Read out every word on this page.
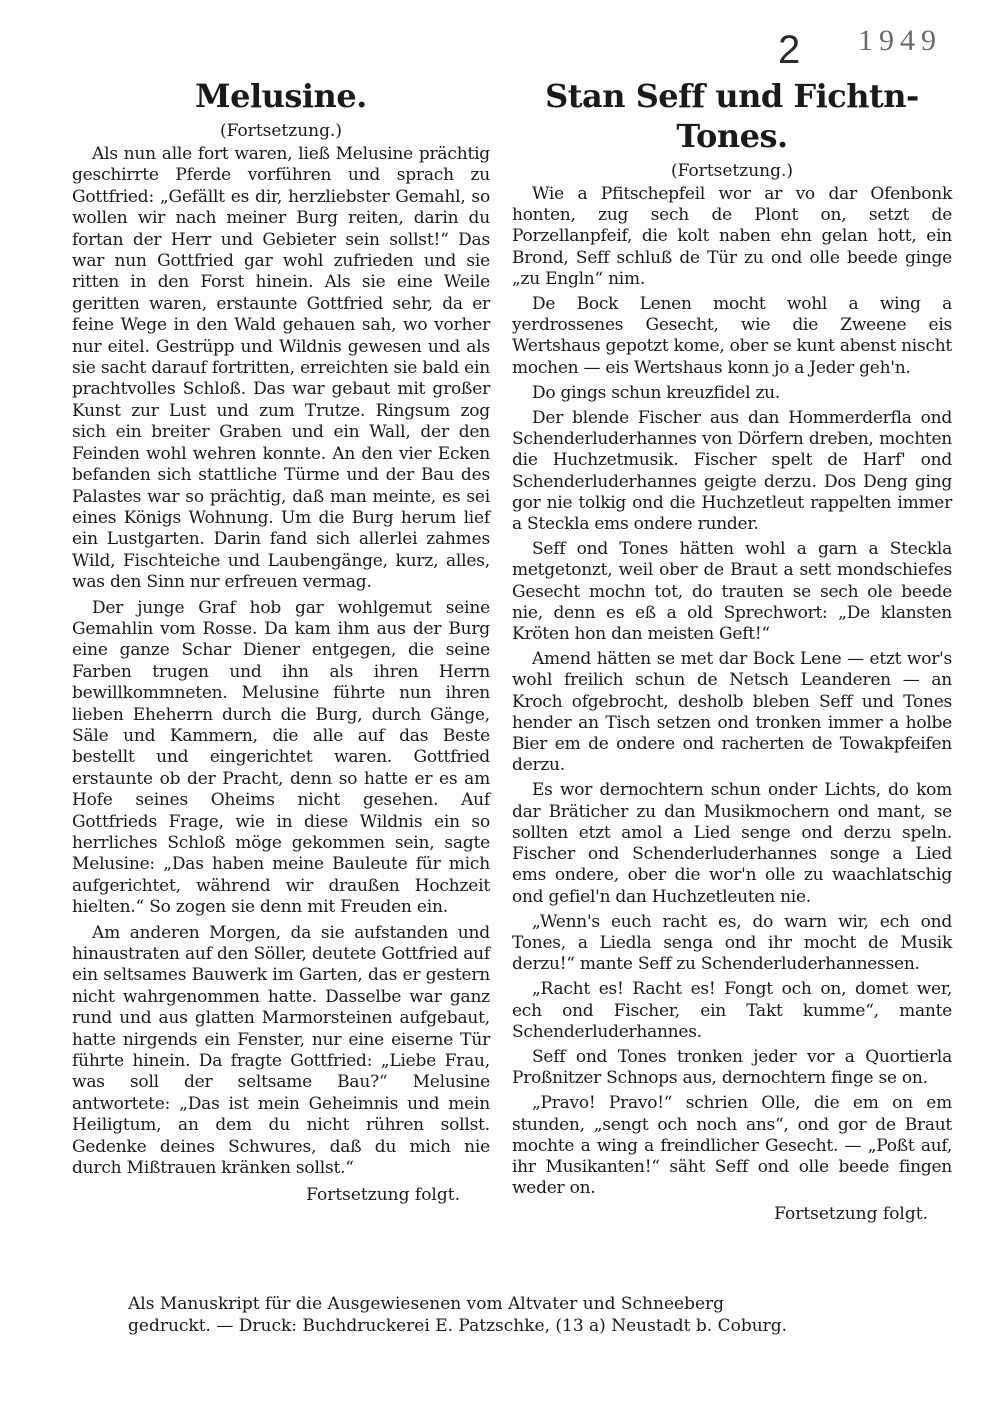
2 1949
Melusine.
(Fortsetzung.)

Als nun alle fort waren, ließ Melusine prächtig geschirrte Pferde vorführen und sprach zu Gottfried: „Gefällt es dir, herzliebster Gemahl, so wollen wir nach meiner Burg reiten, darin du fortan der Herr und Gebieter sein sollst!“ Das war nun Gottfried gar wohl zufrieden und sie ritten in den Forst hinein. Als sie eine Weile geritten waren, erstaunte Gottfried sehr, da er feine Wege in den Wald gehauen sah, wo vorher nur eitel. Gestrüpp und Wildnis gewesen und als sie sacht darauf fortritten, erreichten sie bald ein prachtvolles Schloß. Das war gebaut mit großer Kunst zur Lust und zum Trutze. Ringsum zog sich ein breiter Graben und ein Wall, der den Feinden wohl wehren konnte. An den vier Ecken befanden sich stattliche Türme und der Bau des Palastes war so prächtig, daß man meinte, es sei eines Königs Wohnung. Um die Burg herum lief ein Lustgarten. Darin fand sich allerlei zahmes Wild, Fischteiche und Laubengänge, kurz, alles, was den Sinn nur erfreuen vermag.

Der junge Graf hob gar wohlgemut seine Gemahlin vom Rosse. Da kam ihm aus der Burg eine ganze Schar Diener entgegen, die seine Farben trugen und ihn als ihren Herrn bewillkommneten. Melusine führte nun ihren lieben Eheherrn durch die Burg, durch Gänge, Säle und Kammern, die alle auf das Beste bestellt und eingerichtet waren. Gottfried erstaunte ob der Pracht, denn so hatte er es am Hofe seines Oheims nicht gesehen. Auf Gottfrieds Frage, wie in diese Wildnis ein so herrliches Schloß möge gekommen sein, sagte Melusine: „Das haben meine Bauleute für mich aufgerichtet, während wir draußen Hochzeit hielten.“ So zogen sie denn mit Freuden ein.

Am anderen Morgen, da sie aufstanden und hinaustraten auf den Söller, deutete Gottfried auf ein seltsames Bauwerk im Garten, das er gestern nicht wahrgenommen hatte. Dasselbe war ganz rund und aus glatten Marmorsteinen aufgebaut, hatte nirgends ein Fenster, nur eine eiserne Tür führte hinein. Da fragte Gottfried: „Liebe Frau, was soll der seltsame Bau?“ Melusine antwortete: „Das ist mein Geheimnis und mein Heiligtum, an dem du nicht rühren sollst. Gedenke deines Schwures, daß du mich nie durch Mißtrauen kränken sollst.“

Fortsetzung folgt.
Stan Seff und Fichtn-Tones.
(Fortsetzung.)

Wie a Pfitschepfeil wor ar vo dar Ofenbonk honten, zug sech de Plont on, setzt de Porzellanpfeif, die kolt naben ehn gelan hott, ein Brond, Seff schluß de Tür zu ond olle beede ginge „zu Engln“ nim.

De Bock Lenen mocht wohl a wing a yerdrossenes Gesecht, wie die Zweene eis Wertshaus gepotzt kome, ober se kunt abenst nischt mochen — eis Wertshaus konn jo a Jeder geh'n.

Do gings schun kreuzfidel zu.

Der blende Fischer aus dan Hommerderfla ond Schenderluderhannes von Dörfern dreben, mochten die Huchzetmusik. Fischer spelt de Harf' ond Schenderluderhannes geigte derzu. Dos Deng ging gor nie tolkig ond die Huchzetleut rappelten immer a Steckla ems ondere runder.

Seff ond Tones hätten wohl a garn a Steckla metgetonzt, weil ober de Braut a sett mondschiefes Gesecht mochn tot, do trauten se sech ole beede nie, denn es eß a old Sprechwort: „De klansten Kröten hon dan meisten Geft!“

Amend hätten se met dar Bock Lene — etzt wor's wohl freilich schun de Netsch Leanderen — an Kroch ofgebrocht, desholb bleben Seff und Tones hender an Tisch setzen ond tronken immer a holbe Bier em de ondere ond racherten de Towakpfeifen derzu.

Es wor dernochtern schun onder Lichts, do kom dar Bräticher zu dan Musikmochern ond mant, se sollten etzt amol a Lied senge ond derzu speln. Fischer ond Schenderluderhannes songe a Lied ems ondere, ober die wor'n olle zu waachlatschig ond gefiel'n dan Huchzetleuten nie.

„Wenn's euch racht es, do warn wir, ech ond Tones, a Liedla senga ond ihr mocht de Musik derzu!“ mante Seff zu Schenderluderhannessen.

„Racht es! Racht es! Fongt och on, domet wer, ech ond Fischer, ein Takt kumme“, mante Schenderluderhannes.

Seff ond Tones tronken jeder vor a Quortierla Proßnitzer Schnops aus, dernochtern finge se on.

„Pravo! Pravo!“ schrien Olle, die em on em stunden, „sengt och noch ans“, ond gor de Braut mochte a wing a freindlicher Gesecht. — „Poßt auf, ihr Musikanten!“ säht Seff ond olle beede fingen weder on.

Fortsetzung folgt.
Als Manuskript für die Ausgewiesenen vom Altvater und Schneeberg
gedruckt. — Druck: Buchdruckerei E. Patzschke, (13 a) Neustadt b. Coburg.
